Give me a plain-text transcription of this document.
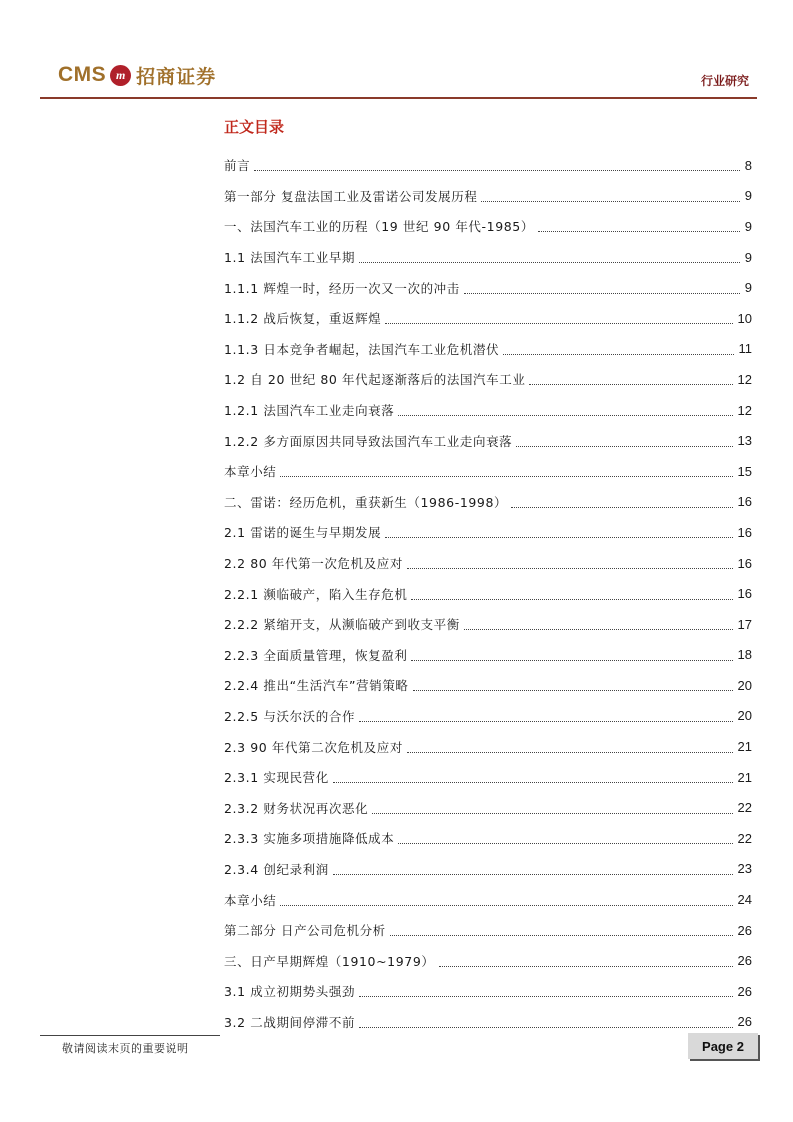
CMS m 招商证券	行业研究
正文目录
前言	8
第一部分 复盘法国工业及雷诺公司发展历程	9
一、法国汽车工业的历程（19 世纪 90 年代-1985）	9
1.1 法国汽车工业早期	9
1.1.1 辉煌一时，经历一次又一次的冲击	9
1.1.2 战后恢复，重返辉煌	10
1.1.3 日本竞争者崛起，法国汽车工业危机潜伏	11
1.2 自 20 世纪 80 年代起逐渐落后的法国汽车工业	12
1.2.1 法国汽车工业走向衰落	12
1.2.2 多方面原因共同导致法国汽车工业走向衰落	13
本章小结	15
二、雷诺：经历危机，重获新生（1986-1998）	16
2.1 雷诺的诞生与早期发展	16
2.2 80 年代第一次危机及应对	16
2.2.1 濒临破产，陷入生存危机	16
2.2.2 紧缩开支，从濒临破产到收支平衡	17
2.2.3 全面质量管理，恢复盈利	18
2.2.4 推出“生活汽车”营销策略	20
2.2.5 与沃尔沃的合作	20
2.3 90 年代第二次危机及应对	21
2.3.1 实现民营化	21
2.3.2 财务状况再次恶化	22
2.3.3 实施多项措施降低成本	22
2.3.4 创纪录利润	23
本章小结	24
第二部分 日产公司危机分析	26
三、日产早期辉煌（1910~1979）	26
3.1 成立初期势头强劲	26
3.2 二战期间停滞不前	26
敬请阅读末页的重要说明	Page 2
